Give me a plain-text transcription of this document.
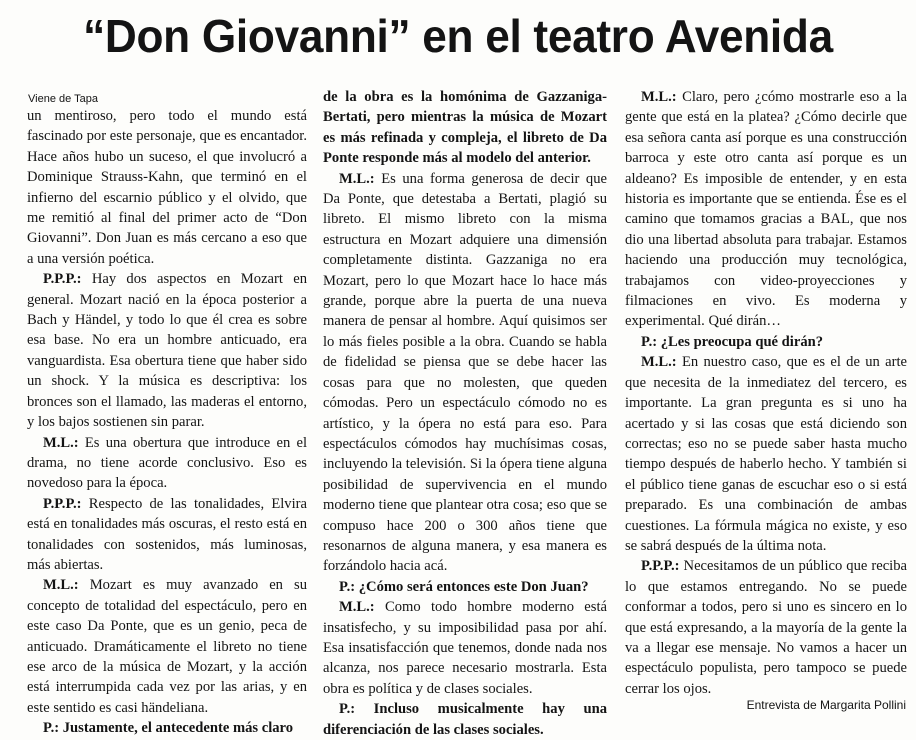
“Don Giovanni” en el teatro Avenida
Viene de Tapa

un mentiroso, pero todo el mundo está fascinado por este personaje, que es encantador. Hace años hubo un suceso, el que involucró a Dominique Strauss-Kahn, que terminó en el infierno del escarnio público y el olvido, que me remitió al final del primer acto de “Don Giovanni”. Don Juan es más cercano a eso que a una versión poética.

P.P.P.: Hay dos aspectos en Mozart en general. Mozart nació en la época posterior a Bach y Händel, y todo lo que él crea es sobre esa base. No era un hombre anticuado, era vanguardista. Esa obertura tiene que haber sido un shock. Y la música es descriptiva: los bronces son el llamado, las maderas el entorno, y los bajos sostienen sin parar.

M.L.: Es una obertura que introduce en el drama, no tiene acorde conclusivo. Eso es novedoso para la época.

P.P.P.: Respecto de las tonalidades, Elvira está en tonalidades más oscuras, el resto está en tonalidades con sostenidos, más luminosas, más abiertas.

M.L.: Mozart es muy avanzado en su concepto de totalidad del espectáculo, pero en este caso Da Ponte, que es un genio, peca de anticuado. Dramáticamente el libreto no tiene ese arco de la música de Mozart, y la acción está interrumpida cada vez por las arias, y en este sentido es casi händeliana.

P.: Justamente, el antecedente más claro

de la obra es la homónima de Gazzaniga-Bertati, pero mientras la música de Mozart es más refinada y compleja, el libreto de Da Ponte responde más al modelo del anterior.

M.L.: Es una forma generosa de decir que Da Ponte, que detestaba a Bertati, plagió su libreto. El mismo libreto con la misma estructura en Mozart adquiere una dimensión completamente distinta. Gazzaniga no era Mozart, pero lo que Mozart hace lo hace más grande, porque abre la puerta de una nueva manera de pensar al hombre. Aquí quisimos ser lo más fieles posible a la obra. Cuando se habla de fidelidad se piensa que se debe hacer las cosas para que no molesten, que queden cómodas. Pero un espectáculo cómodo no es artístico, y la ópera no está para eso. Para espectáculos cómodos hay muchísimas cosas, incluyendo la televisión. Si la ópera tiene alguna posibilidad de supervivencia en el mundo moderno tiene que plantear otra cosa; eso que se compuso hace 200 o 300 años tiene que resonarnos de alguna manera, y esa manera es forzándolo hacia acá.

P.: ¿Cómo será entonces este Don Juan?

M.L.: Como todo hombre moderno está insatisfecho, y su imposibilidad pasa por ahí. Esa insatisfacción que tenemos, donde nada nos alcanza, nos parece necesario mostrarla. Esta obra es política y de clases sociales.

P.: Incluso musicalmente hay una diferenciación de las clases sociales.

M.L.: Claro, pero ¿cómo mostrarle eso a la gente que está en la platea? ¿Cómo decirle que esa señora canta así porque es una construcción barroca y este otro canta así porque es un aldeano? Es imposible de entender, y en esta historia es importante que se entienda. Ése es el camino que tomamos gracias a BAL, que nos dio una libertad absoluta para trabajar. Estamos haciendo una producción muy tecnológica, trabajamos con video-proyecciones y filmaciones en vivo. Es moderna y experimental. Qué dirán…

P.: ¿Les preocupa qué dirán?

M.L.: En nuestro caso, que es el de un arte que necesita de la inmediatez del tercero, es importante. La gran pregunta es si uno ha acertado y si las cosas que está diciendo son correctas; eso no se puede saber hasta mucho tiempo después de haberlo hecho. Y también si el público tiene ganas de escuchar eso o si está preparado. Es una combinación de ambas cuestiones. La fórmula mágica no existe, y eso se sabrá después de la última nota.

P.P.P.: Necesitamos de un público que reciba lo que estamos entregando. No se puede conformar a todos, pero si uno es sincero en lo que está expresando, a la mayoría de la gente la va a llegar ese mensaje. No vamos a hacer un espectáculo populista, pero tampoco se puede cerrar los ojos.

Entrevista de Margarita Pollini
